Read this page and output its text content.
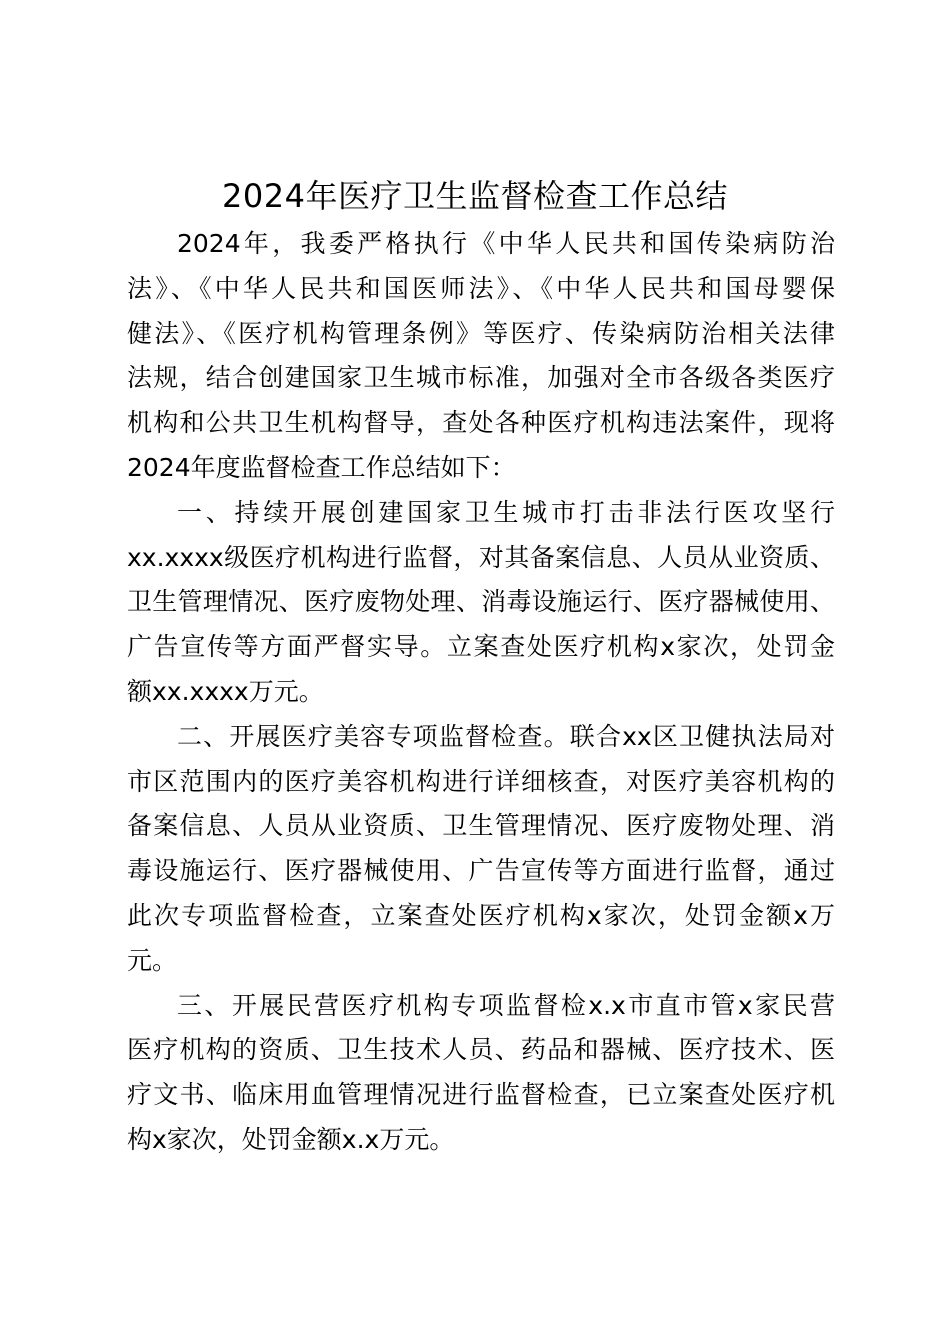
2024年医疗卫生监督检查工作总结
2024年，我委严格执行《中华人民共和国传染病防治
法》、《中华人民共和国医师法》、《中华人民共和国母婴保
健法》、《医疗机构管理条例》等医疗、传染病防治相关法律
法规，结合创建国家卫生城市标准，加强对全市各级各类医疗
机构和公共卫生机构督导，查处各种医疗机构违法案件，现将
2024年度监督检查工作总结如下：
一、持续开展创建国家卫生城市打击非法行医攻坚行
xx.xxxx级医疗机构进行监督，对其备案信息、人员从业资质、
卫生管理情况、医疗废物处理、消毒设施运行、医疗器械使用、
广告宣传等方面严督实导。立案查处医疗机构x家次，处罚金
额xx.xxxx万元。
二、开展医疗美容专项监督检查。联合xx区卫健执法局对
市区范围内的医疗美容机构进行详细核查，对医疗美容机构的
备案信息、人员从业资质、卫生管理情况、医疗废物处理、消
毒设施运行、医疗器械使用、广告宣传等方面进行监督，通过
此次专项监督检查，立案查处医疗机构x家次，处罚金额x万
元。
三、开展民营医疗机构专项监督检x.x市直市管x家民营
医疗机构的资质、卫生技术人员、药品和器械、医疗技术、医
疗文书、临床用血管理情况进行监督检查，已立案查处医疗机
构x家次，处罚金额x.x万元。
